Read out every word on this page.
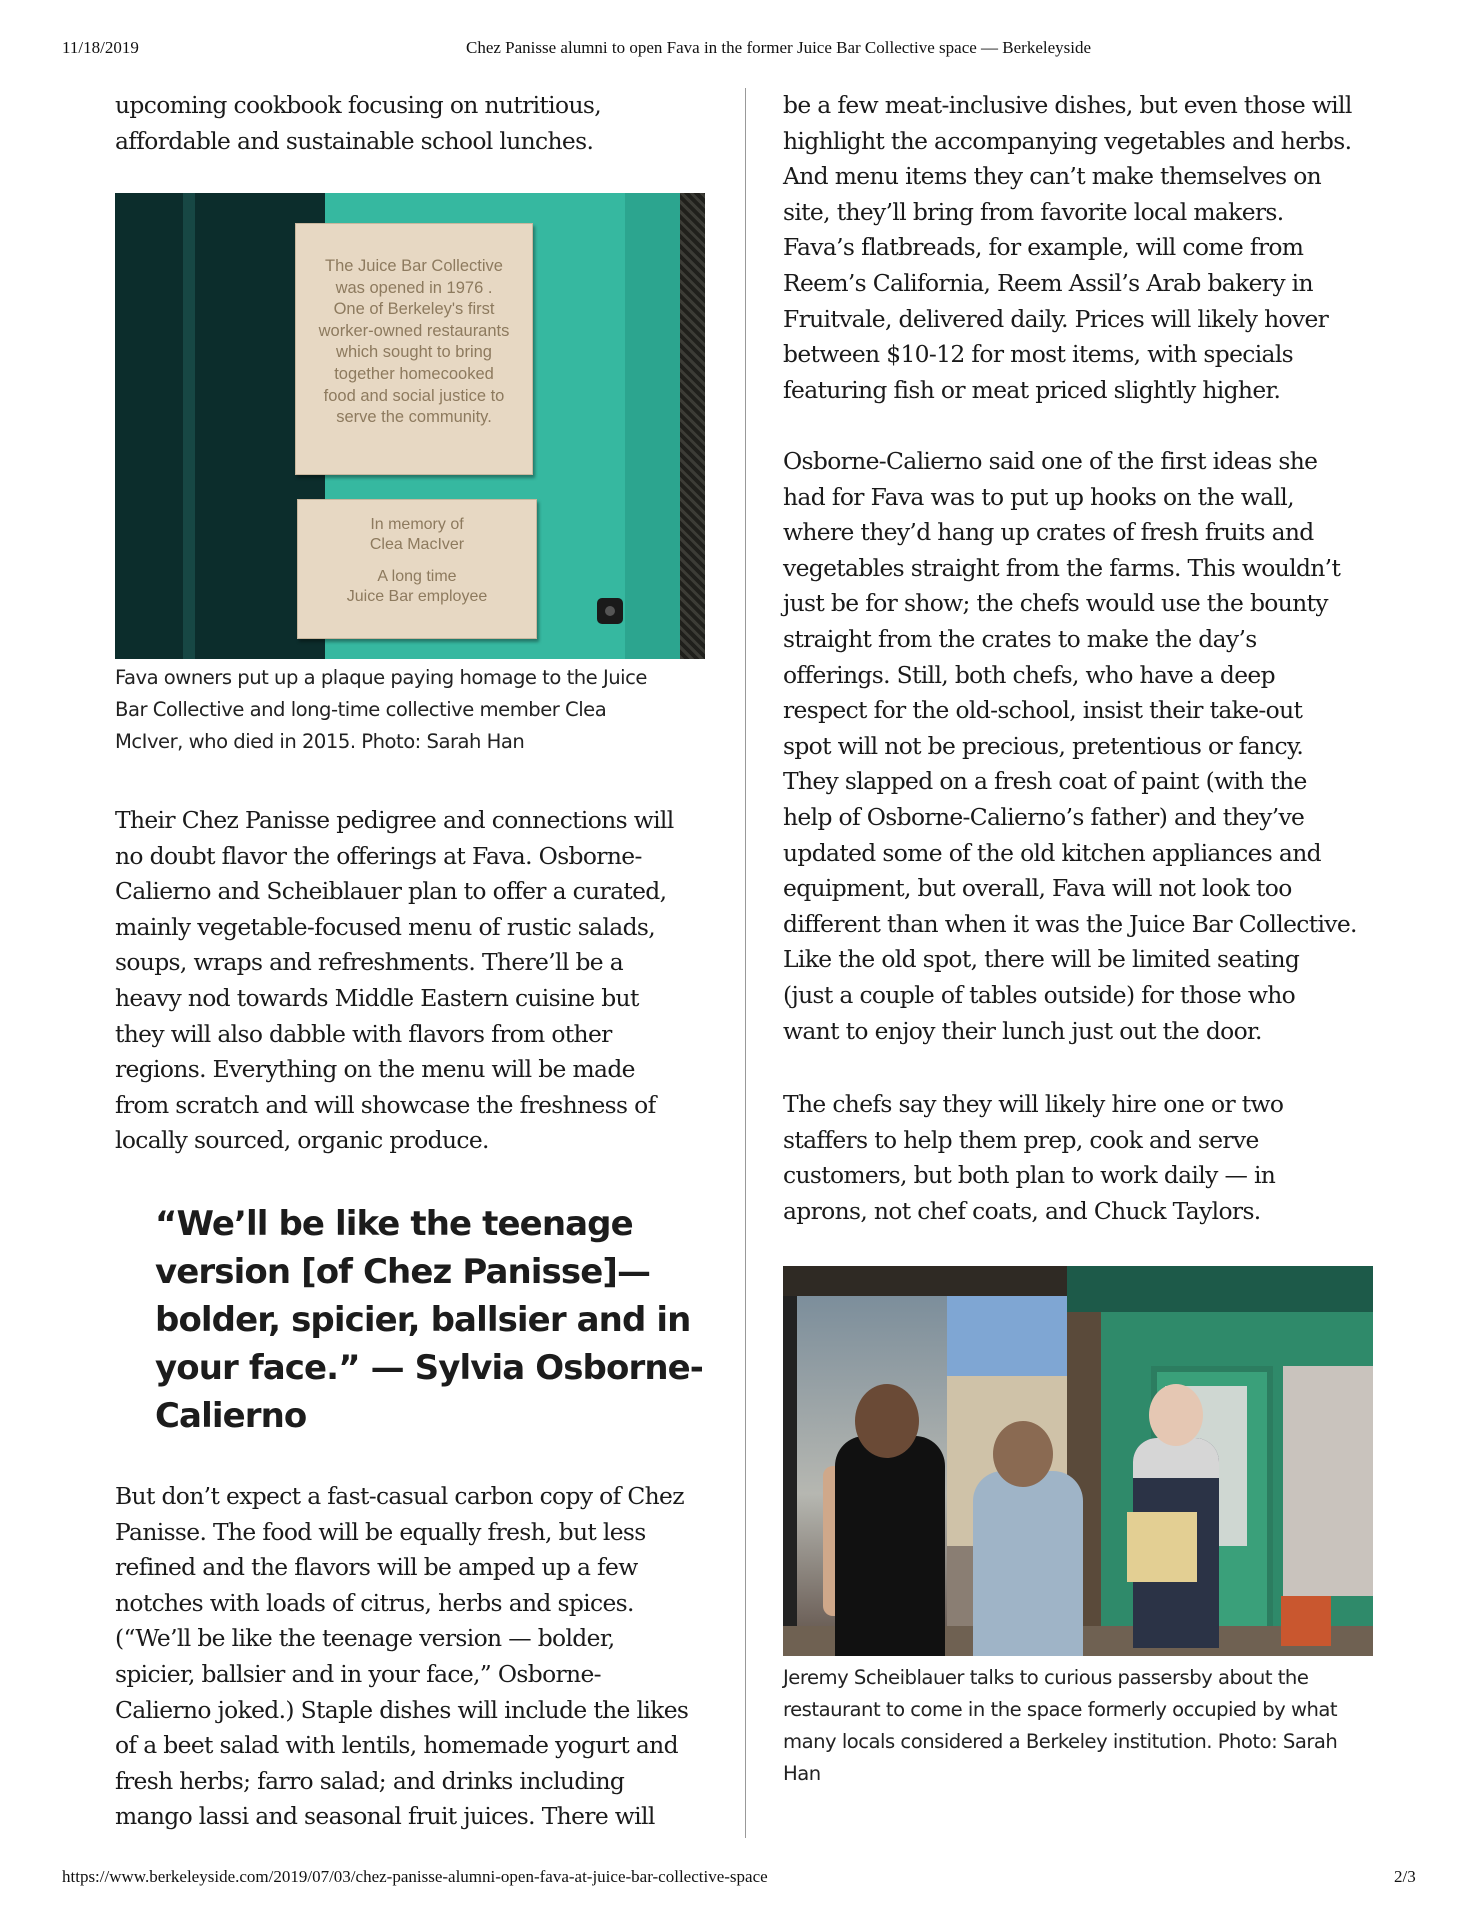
11/18/2019	Chez Panisse alumni to open Fava in the former Juice Bar Collective space — Berkeleyside
upcoming cookbook focusing on nutritious,
affordable and sustainable school lunches.
The Juice Bar Collective
was opened in 1976 .
One of Berkeley's first
worker-owned restaurants
which sought to bring
together homecooked
food and social justice to
serve the community.
In memory of
Clea MacIver
A long time
Juice Bar employee
Fava owners put up a plaque paying homage to the Juice
Bar Collective and long-time collective member Clea
McIver, who died in 2015. Photo: Sarah Han
Their Chez Panisse pedigree and connections will
no doubt flavor the offerings at Fava. Osborne-
Calierno and Scheiblauer plan to offer a curated,
mainly vegetable-focused menu of rustic salads,
soups, wraps and refreshments. There’ll be a
heavy nod towards Middle Eastern cuisine but
they will also dabble with flavors from other
regions. Everything on the menu will be made
from scratch and will showcase the freshness of
locally sourced, organic produce.
“We’ll be like the teenage
version [of Chez Panisse]—
bolder, spicier, ballsier and in
your face.” — Sylvia Osborne-
Calierno
But don’t expect a fast-casual carbon copy of Chez
Panisse. The food will be equally fresh, but less
refined and the flavors will be amped up a few
notches with loads of citrus, herbs and spices.
(“We’ll be like the teenage version — bolder,
spicier, ballsier and in your face,” Osborne-
Calierno joked.) Staple dishes will include the likes
of a beet salad with lentils, homemade yogurt and
fresh herbs; farro salad; and drinks including
mango lassi and seasonal fruit juices. There will
be a few meat-inclusive dishes, but even those will
highlight the accompanying vegetables and herbs.
And menu items they can’t make themselves on
site, they’ll bring from favorite local makers.
Fava’s flatbreads, for example, will come from
Reem’s California, Reem Assil’s Arab bakery in
Fruitvale, delivered daily. Prices will likely hover
between $10-12 for most items, with specials
featuring fish or meat priced slightly higher.
Osborne-Calierno said one of the first ideas she
had for Fava was to put up hooks on the wall,
where they’d hang up crates of fresh fruits and
vegetables straight from the farms. This wouldn’t
just be for show; the chefs would use the bounty
straight from the crates to make the day’s
offerings. Still, both chefs, who have a deep
respect for the old-school, insist their take-out
spot will not be precious, pretentious or fancy.
They slapped on a fresh coat of paint (with the
help of Osborne-Calierno’s father) and they’ve
updated some of the old kitchen appliances and
equipment, but overall, Fava will not look too
different than when it was the Juice Bar Collective.
Like the old spot, there will be limited seating
(just a couple of tables outside) for those who
want to enjoy their lunch just out the door.
The chefs say they will likely hire one or two
staffers to help them prep, cook and serve
customers, but both plan to work daily — in
aprons, not chef coats, and Chuck Taylors.
Jeremy Scheiblauer talks to curious passersby about the
restaurant to come in the space formerly occupied by what
many locals considered a Berkeley institution. Photo: Sarah
Han
https://www.berkeleyside.com/2019/07/03/chez-panisse-alumni-open-fava-at-juice-bar-collective-space	2/3
